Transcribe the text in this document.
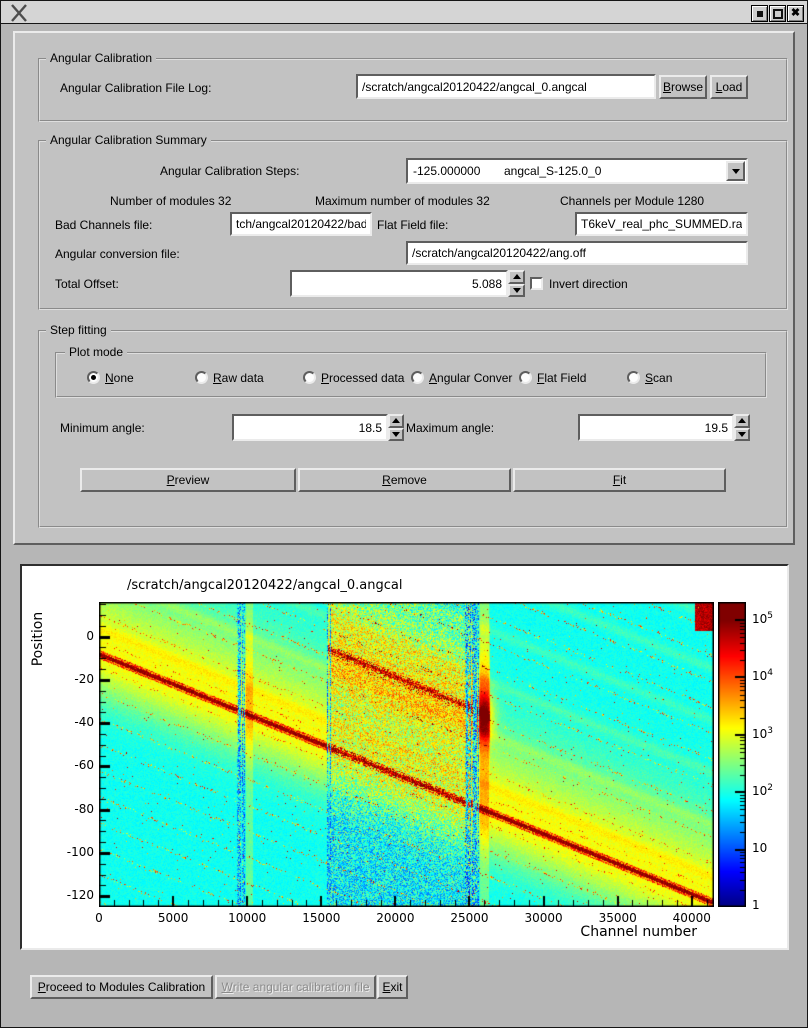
✖
Angular Calibration
Angular Calibration File Log:
/scratch/angcal20120422/angcal_0.angcal	B rowse	L oad
Angular Calibration Summary
Angular Calibration Steps:	-125.000000 angcal_S-125.0_0
Number of modules 32	Maximum number of modules 32	Channels per Module 1280
Bad Channels file:
tch/angcal20120422/bad.chan	Flat Field file:
T6keV_real_phc_SUMMED.raw
Angular conversion file:
/scratch/angcal20120422/ang.off
Total Offset:
5.088	Invert direction
Step fitting
Plot mode
None	Raw data	Processed data Angular Conver Flat Field	Scan
Minimum angle:
18.5	Maximum angle:
19.5
P review	R emove	F it
/scratch/angcal20120422/angcal_0.angcal
Position
Channel number
0	5000	10000	15000	20000	25000	30000	35000	40000
0
-20
-40
-60
-80
-100
-120
$10^5$
$10^4$
$10^3$
$10^2$
10
1
P roceed to Modules Calibration	W rite angular calibration file	E xit
